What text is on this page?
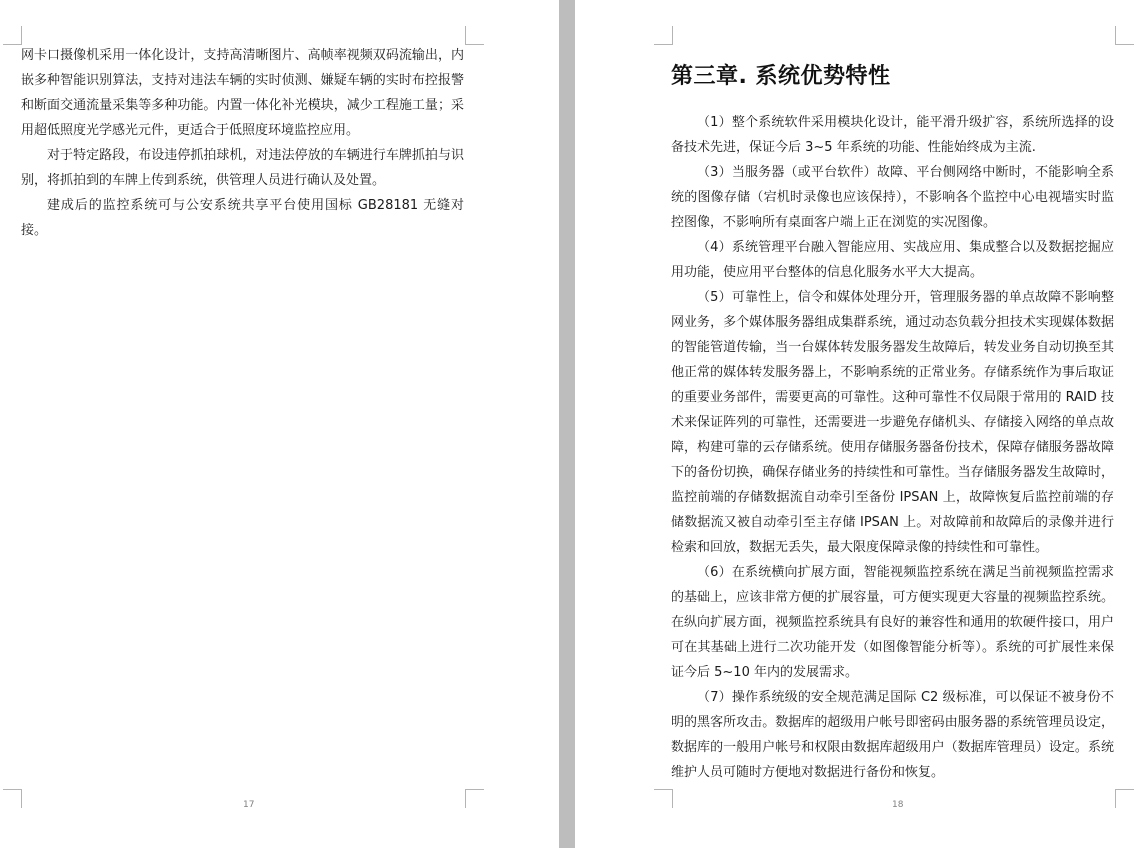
网卡口摄像机采用一体化设计，支持高清晰图片、高帧率视频双码流输出，内嵌多种智能识别算法，支持对违法车辆的实时侦测、嫌疑车辆的实时布控报警和断面交通流量采集等多种功能。内置一体化补光模块，减少工程施工量；采用超低照度光学感光元件，更适合于低照度环境监控应用。

对于特定路段，布设违停抓拍球机，对违法停放的车辆进行车牌抓拍与识别，将抓拍到的车牌上传到系统，供管理人员进行确认及处置。

建成后的监控系统可与公安系统共享平台使用国标 GB28181 无缝对接。

17
第三章. 系统优势特性

（1）整个系统软件采用模块化设计，能平滑升级扩容，系统所选择的设备技术先进，保证今后 3~5 年系统的功能、性能始终成为主流.

（3）当服务器（或平台软件）故障、平台侧网络中断时，不能影响全系统的图像存储（宕机时录像也应该保持），不影响各个监控中心电视墙实时监控图像，不影响所有桌面客户端上正在浏览的实况图像。

（4）系统管理平台融入智能应用、实战应用、集成整合以及数据挖掘应用功能，使应用平台整体的信息化服务水平大大提高。

（5）可靠性上，信令和媒体处理分开，管理服务器的单点故障不影响整网业务，多个媒体服务器组成集群系统，通过动态负载分担技术实现媒体数据的智能管道传输，当一台媒体转发服务器发生故障后，转发业务自动切换至其他正常的媒体转发服务器上，不影响系统的正常业务。存储系统作为事后取证的重要业务部件，需要更高的可靠性。这种可靠性不仅局限于常用的 RAID 技术来保证阵列的可靠性，还需要进一步避免存储机头、存储接入网络的单点故障，构建可靠的云存储系统。使用存储服务器备份技术，保障存储服务器故障下的备份切换，确保存储业务的持续性和可靠性。当存储服务器发生故障时，监控前端的存储数据流自动牵引至备份 IPSAN 上，故障恢复后监控前端的存储数据流又被自动牵引至主存储 IPSAN 上。对故障前和故障后的录像并进行检索和回放，数据无丢失，最大限度保障录像的持续性和可靠性。

（6）在系统横向扩展方面，智能视频监控系统在满足当前视频监控需求的基础上，应该非常方便的扩展容量，可方便实现更大容量的视频监控系统。在纵向扩展方面，视频监控系统具有良好的兼容性和通用的软硬件接口，用户可在其基础上进行二次功能开发（如图像智能分析等）。系统的可扩展性来保证今后 5~10 年内的发展需求。

（7）操作系统级的安全规范满足国际 C2 级标准，可以保证不被身份不明的黑客所攻击。数据库的超级用户帐号即密码由服务器的系统管理员设定，数据库的一般用户帐号和权限由数据库超级用户（数据库管理员）设定。系统维护人员可随时方便地对数据进行备份和恢复。

18
